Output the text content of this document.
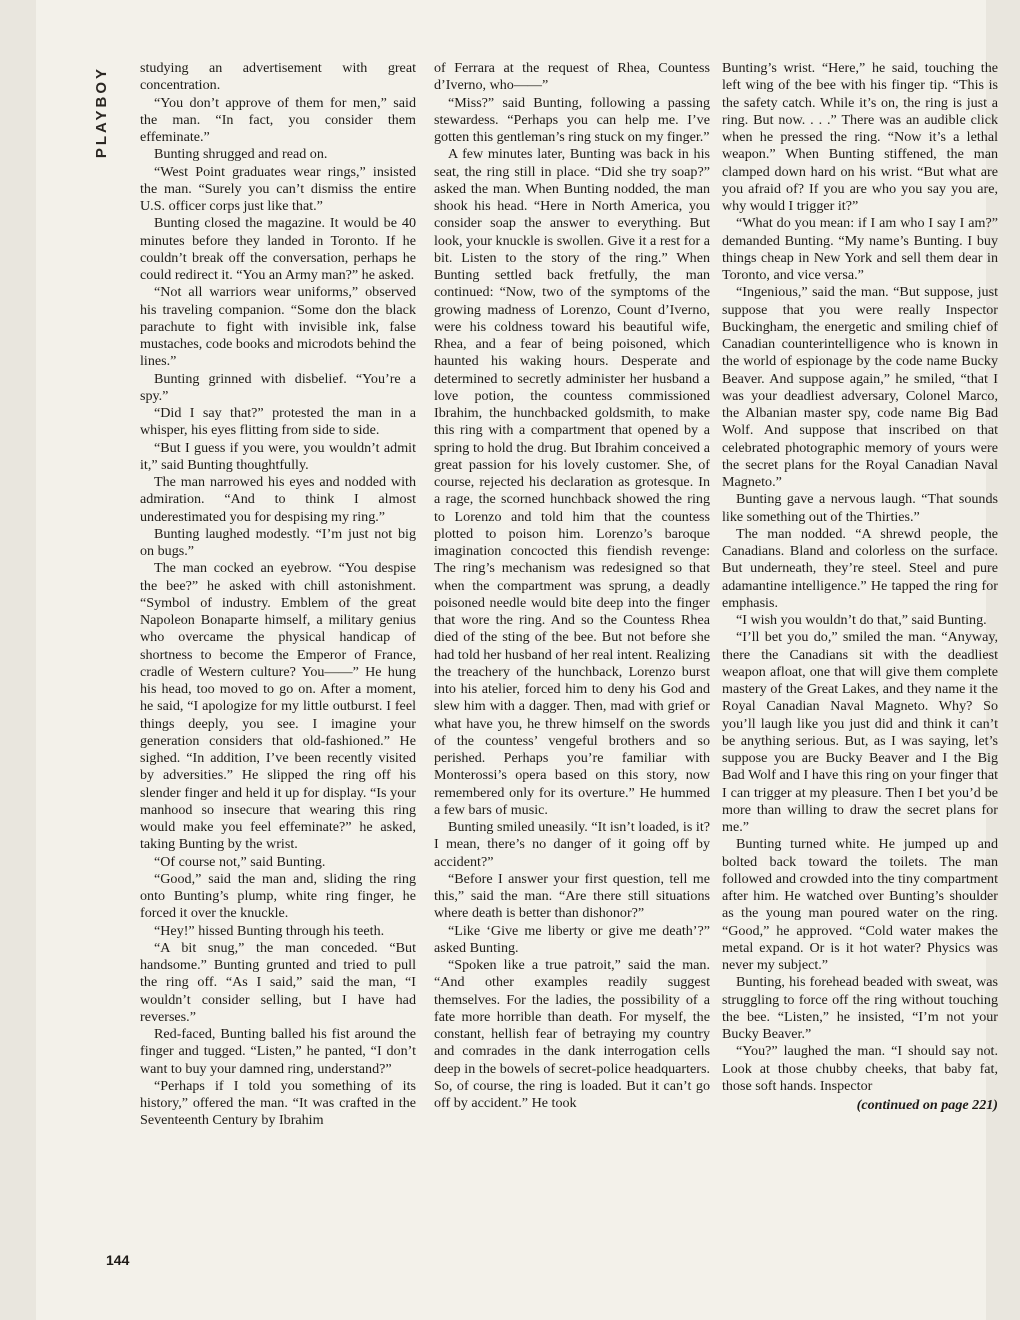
PLAYBOY studying an advertisement with great concentration.

“You don’t approve of them for men,” said the man. “In fact, you consider them effeminate.”

Bunting shrugged and read on.

“West Point graduates wear rings,” insisted the man. “Surely you can’t dismiss the entire U.S. officer corps just like that.”

Bunting closed the magazine. It would be 40 minutes before they landed in Toronto. If he couldn’t break off the conversation, perhaps he could redirect it. “You an Army man?” he asked.

“Not all warriors wear uniforms,” observed his traveling companion. “Some don the black parachute to fight with invisible ink, false mustaches, code books and microdots behind the lines.”

Bunting grinned with disbelief. “You’re a spy.”

“Did I say that?” protested the man in a whisper, his eyes flitting from side to side.

“But I guess if you were, you wouldn’t admit it,” said Bunting thoughtfully.

The man narrowed his eyes and nodded with admiration. “And to think I almost underestimated you for despising my ring.”

Bunting laughed modestly. “I’m just not big on bugs.”

The man cocked an eyebrow. “You despise the bee?” he asked with chill astonishment. “Symbol of industry. Emblem of the great Napoleon Bonaparte himself, a military genius who overcame the physical handicap of shortness to become the Emperor of France, cradle of Western culture? You——” He hung his head, too moved to go on. After a moment, he said, “I apologize for my little outburst. I feel things deeply, you see. I imagine your generation considers that old-fashioned.” He sighed. “In addition, I’ve been recently visited by adversities.” He slipped the ring off his slender finger and held it up for display. “Is your manhood so insecure that wearing this ring would make you feel effeminate?” he asked, taking Bunting by the wrist.

“Of course not,” said Bunting.

“Good,” said the man and, sliding the ring onto Bunting’s plump, white ring finger, he forced it over the knuckle.

“Hey!” hissed Bunting through his teeth.

“A bit snug,” the man conceded. “But handsome.” Bunting grunted and tried to pull the ring off. “As I said,” said the man, “I wouldn’t consider selling, but I have had reverses.”

Red-faced, Bunting balled his fist around the finger and tugged. “Listen,” he panted, “I don’t want to buy your damned ring, understand?”

“Perhaps if I told you something of its history,” offered the man. “It was crafted in the Seventeenth Century by Ibrahim

of Ferrara at the request of Rhea, Countess d’Iverno, who——”

“Miss?” said Bunting, following a passing stewardess. “Perhaps you can help me. I’ve gotten this gentleman’s ring stuck on my finger.”

A few minutes later, Bunting was back in his seat, the ring still in place. “Did she try soap?” asked the man. When Bunting nodded, the man shook his head. “Here in North America, you consider soap the answer to everything. But look, your knuckle is swollen. Give it a rest for a bit. Listen to the story of the ring.” When Bunting settled back fretfully, the man continued: “Now, two of the symptoms of the growing madness of Lorenzo, Count d’Iverno, were his coldness toward his beautiful wife, Rhea, and a fear of being poisoned, which haunted his waking hours. Desperate and determined to secretly administer her husband a love potion, the countess commissioned Ibrahim, the hunchbacked goldsmith, to make this ring with a compartment that opened by a spring to hold the drug. But Ibrahim conceived a great passion for his lovely customer. She, of course, rejected his declaration as grotesque. In a rage, the scorned hunchback showed the ring to Lorenzo and told him that the countess plotted to poison him. Lorenzo’s baroque imagination concocted this fiendish revenge: The ring’s mechanism was redesigned so that when the compartment was sprung, a deadly poisoned needle would bite deep into the finger that wore the ring. And so the Countess Rhea died of the sting of the bee. But not before she had told her husband of her real intent. Realizing the treachery of the hunchback, Lorenzo burst into his atelier, forced him to deny his God and slew him with a dagger. Then, mad with grief or what have you, he threw himself on the swords of the countess’ vengeful brothers and so perished. Perhaps you’re familiar with Monterossi’s opera based on this story, now remembered only for its overture.” He hummed a few bars of music.

Bunting smiled uneasily. “It isn’t loaded, is it? I mean, there’s no danger of it going off by accident?”

“Before I answer your first question, tell me this,” said the man. “Are there still situations where death is better than dishonor?”

“Like ‘Give me liberty or give me death’?” asked Bunting.

“Spoken like a true patroit,” said the man. “And other examples readily suggest themselves. For the ladies, the possibility of a fate more horrible than death. For myself, the constant, hellish fear of betraying my country and comrades in the dank interrogation cells deep in the bowels of secret-police headquarters. So, of course, the ring is loaded. But it can’t go off by accident.” He took

Bunting’s wrist. “Here,” he said, touching the left wing of the bee with his finger tip. “This is the safety catch. While it’s on, the ring is just a ring. But now. . . .” There was an audible click when he pressed the ring. “Now it’s a lethal weapon.” When Bunting stiffened, the man clamped down hard on his wrist. “But what are you afraid of? If you are who you say you are, why would I trigger it?”

“What do you mean: if I am who I say I am?” demanded Bunting. “My name’s Bunting. I buy things cheap in New York and sell them dear in Toronto, and vice versa.”

“Ingenious,” said the man. “But suppose, just suppose that you were really Inspector Buckingham, the energetic and smiling chief of Canadian counterintelligence who is known in the world of espionage by the code name Bucky Beaver. And suppose again,” he smiled, “that I was your deadliest adversary, Colonel Marco, the Albanian master spy, code name Big Bad Wolf. And suppose that inscribed on that celebrated photographic memory of yours were the secret plans for the Royal Canadian Naval Magneto.”

Bunting gave a nervous laugh. “That sounds like something out of the Thirties.”

The man nodded. “A shrewd people, the Canadians. Bland and colorless on the surface. But underneath, they’re steel. Steel and pure adamantine intelligence.” He tapped the ring for emphasis.

“I wish you wouldn’t do that,” said Bunting.

“I’ll bet you do,” smiled the man. “Anyway, there the Canadians sit with the deadliest weapon afloat, one that will give them complete mastery of the Great Lakes, and they name it the Royal Canadian Naval Magneto. Why? So you’ll laugh like you just did and think it can’t be anything serious. But, as I was saying, let’s suppose you are Bucky Beaver and I the Big Bad Wolf and I have this ring on your finger that I can trigger at my pleasure. Then I bet you’d be more than willing to draw the secret plans for me.”

Bunting turned white. He jumped up and bolted back toward the toilets. The man followed and crowded into the tiny compartment after him. He watched over Bunting’s shoulder as the young man poured water on the ring. “Good,” he approved. “Cold water makes the metal expand. Or is it hot water? Physics was never my subject.”

Bunting, his forehead beaded with sweat, was struggling to force off the ring without touching the bee. “Listen,” he insisted, “I’m not your Bucky Beaver.”

“You?” laughed the man. “I should say not. Look at those chubby cheeks, that baby fat, those soft hands. Inspector

(continued on page 221)
144
